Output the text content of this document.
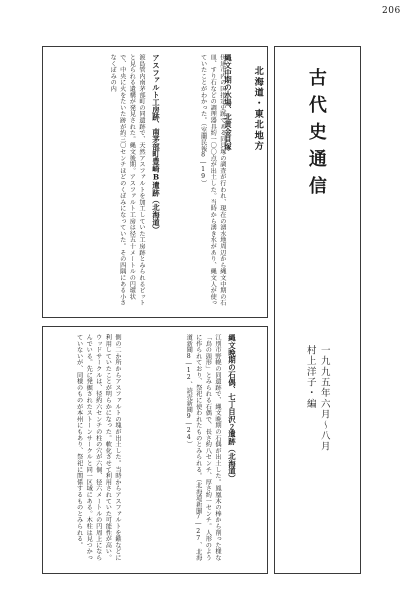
206
古代史通信
一九九五年六月～八月
村上洋子・編
北海道・東北地方
縄文中期の水場、北黄金貝塚
伊達市内の国指定史跡である同貝塚の調査が行われ、現在の湧水地周辺から縄文中期の石皿、すり石などの調理器具約一〇〇点が出土した。当時から湧き水があり、縄文人が使っていたことがわかった。（室蘭民報8―19）
アスファルト工房跡、南茅部町豊崎B遺跡（北海道）
渡島管内南茅部町の同遺跡で、天然アスファルトを加工していた工房跡とみられるピットと見られる遺構が発見された。縄文後期。アスファルト工房は径五十メートルの円環状で、中央に火をたいた跡が約三〇センチほどのくぼみになっていた。その四隅にある小さなくぼみの内
側の二か所からアスファルトの塊が出土した。当時からアスファルトを鏃などに利用していたことが明らかになった。軟化させて利用されていた可能性が高い。ウッドサークルは、径約六センチの柱の穴が六個、径六メートルの円周上にならんでいる。先に発掘されたストーンサークルと同一区域にある。木柱は見つかっていないが、同様のものが本州にもあり、祭祀に関係するものとみられる。	縄文晩期の石偶、七丁目沢２遺跡（北海道）
江別市野幌の同遺跡で、縄文晩期の石偶が出土した。鳳凰木の棒から削った様な「鳥の頭形」とみられる石偶で、長さ約八センチ、厚さ約一センチ。人形のように作られており、祭祀に使われたものとみられる。（北海道新聞7―27、北海道新聞8―12、読売新聞9―24）
